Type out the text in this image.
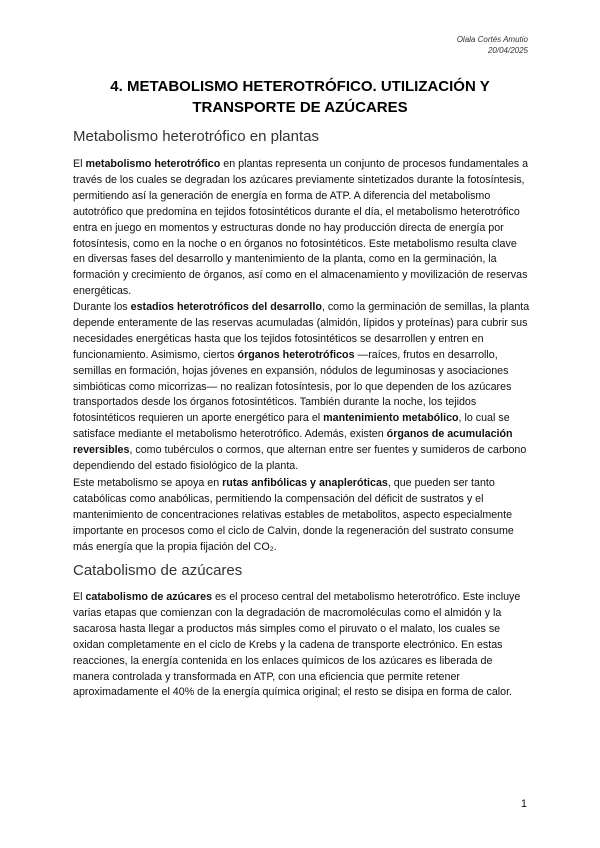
Olala Cortés Amutio
20/04/2025
4. METABOLISMO HETEROTRÓFICO. UTILIZACIÓN Y
TRANSPORTE DE AZÚCARES
Metabolismo heterotrófico en plantas

El metabolismo heterotrófico en plantas representa un conjunto de procesos fundamentales a través de los cuales se degradan los azúcares previamente sintetizados durante la fotosíntesis, permitiendo así la generación de energía en forma de ATP. A diferencia del metabolismo autotrófico que predomina en tejidos fotosintéticos durante el día, el metabolismo heterotrófico entra en juego en momentos y estructuras donde no hay producción directa de energía por fotosíntesis, como en la noche o en órganos no fotosintéticos. Este metabolismo resulta clave en diversas fases del desarrollo y mantenimiento de la planta, como en la germinación, la formación y crecimiento de órganos, así como en el almacenamiento y movilización de reservas energéticas.

Durante los estadios heterotróficos del desarrollo, como la germinación de semillas, la planta depende enteramente de las reservas acumuladas (almidón, lípidos y proteínas) para cubrir sus necesidades energéticas hasta que los tejidos fotosintéticos se desarrollen y entren en funcionamiento. Asimismo, ciertos órganos heterotróficos —raíces, frutos en desarrollo, semillas en formación, hojas jóvenes en expansión, nódulos de leguminosas y asociaciones simbióticas como micorrizas— no realizan fotosíntesis, por lo que dependen de los azúcares transportados desde los órganos fotosintéticos. También durante la noche, los tejidos fotosintéticos requieren un aporte energético para el mantenimiento metabólico, lo cual se satisface mediante el metabolismo heterotrófico. Además, existen órganos de acumulación reversibles, como tubérculos o cormos, que alternan entre ser fuentes y sumideros de carbono dependiendo del estado fisiológico de la planta.

Este metabolismo se apoya en rutas anfibólicas y anapleróticas, que pueden ser tanto catabólicas como anabólicas, permitiendo la compensación del déficit de sustratos y el mantenimiento de concentraciones relativas estables de metabolitos, aspecto especialmente importante en procesos como el ciclo de Calvin, donde la regeneración del sustrato consume más energía que la propia fijación del CO₂.

Catabolismo de azúcares

El catabolismo de azúcares es el proceso central del metabolismo heterotrófico. Este incluye varias etapas que comienzan con la degradación de macromoléculas como el almidón y la sacarosa hasta llegar a productos más simples como el piruvato o el malato, los cuales se oxidan completamente en el ciclo de Krebs y la cadena de transporte electrónico. En estas reacciones, la energía contenida en los enlaces químicos de los azúcares es liberada de manera controlada y transformada en ATP, con una eficiencia que permite retener aproximadamente el 40% de la energía química original; el resto se disipa en forma de calor.

1
